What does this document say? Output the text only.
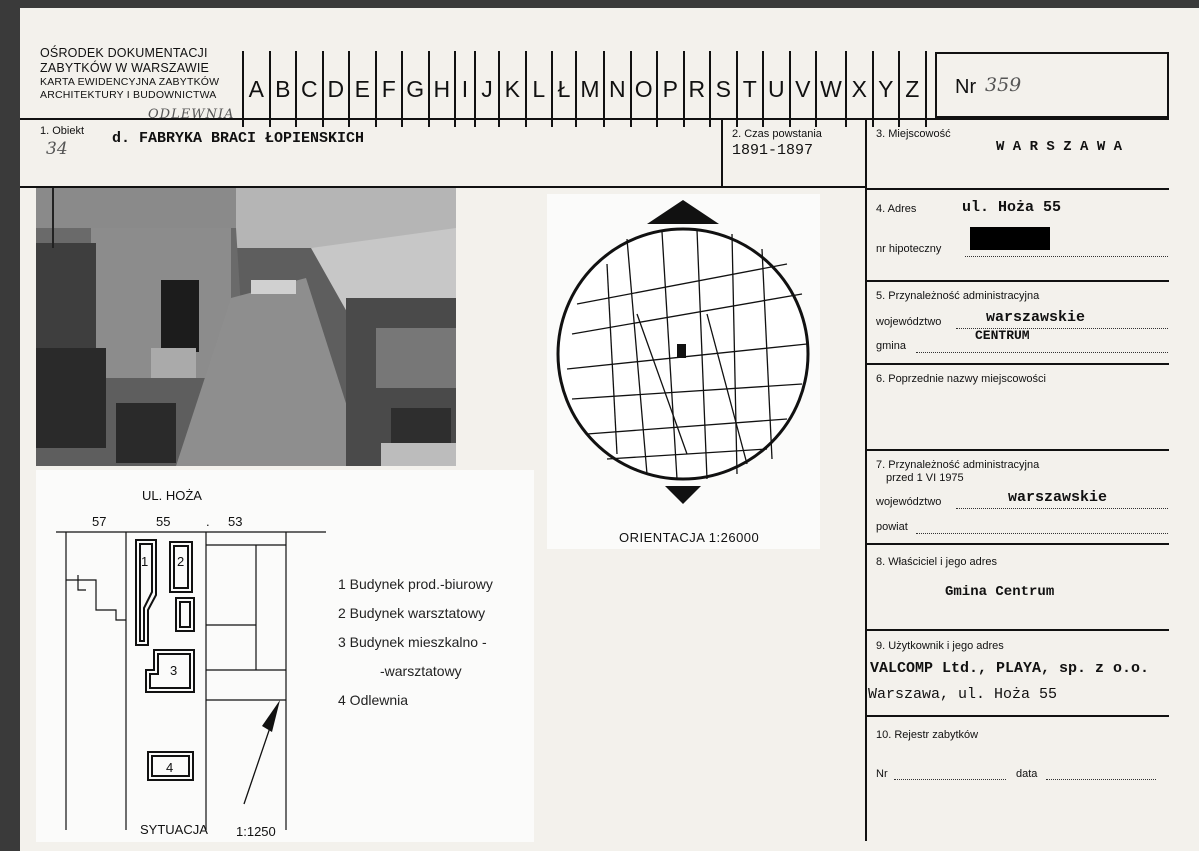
OŚRODEK DOKUMENTACJI
ZABYTKÓW W WARSZAWIE
KARTA EWIDENCYJNA ZABYTKÓW
ARCHITEKTURY I BUDOWNICTWA A B C D E F G H I J K L Ł M N O P R S T U V W X Y Z	Nr 359
1. Obiekt
ODLEWNIA
34
d. FABRYKA BRACI ŁOPIENSKICH	2. Czas powstania
1891-1897
3. Miejscowość
W A R S Z A W A
4. Adres	ul. Hoża 55
nr hipoteczny
5. Przynależność administracyjna
województwo	warszawskie
gmina
CENTRUM
6. Poprzednie nazwy miejscowości
7. Przynależność administracyjna
przed 1 VI 1975
województwo	warszawskie
powiat
8. Właściciel i jego adres
Gmina Centrum
9. Użytkownik i jego adres
VALCOMP Ltd., PLAYA, sp. z o.o.
Warszawa, ul. Hoża 55
10. Rejestr zabytków
Nr	data
ORIENTACJA 1:26000
UL. HOŻA
57	55	. 53
1 2
3
4
1 Budynek prod.-biurowy
2 Budynek warsztatowy
3 Budynek mieszkalno -
-warsztatowy
4 Odlewnia
SYTUACJA 1:1250
